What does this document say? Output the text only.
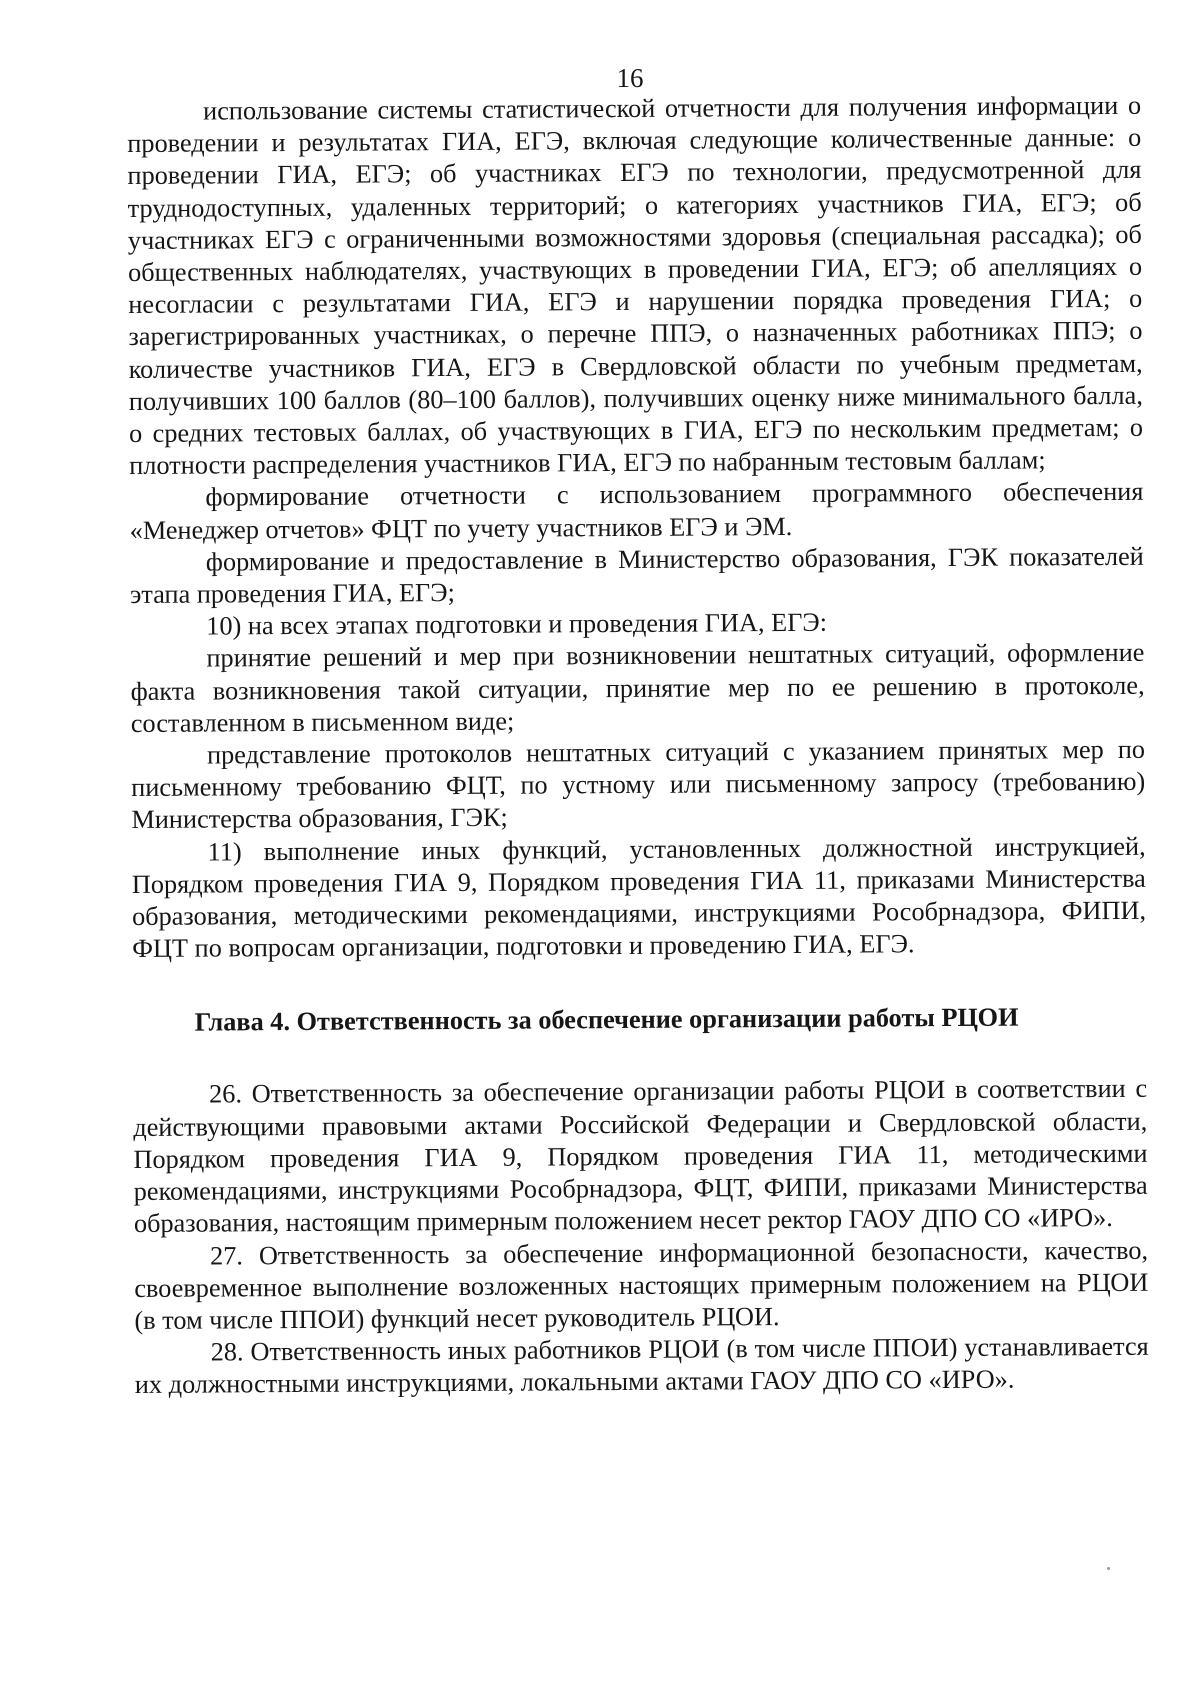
16

использование системы статистической отчетности для получения информации о проведении и результатах ГИА, ЕГЭ, включая следующие количественные данные: о проведении ГИА, ЕГЭ; об участниках ЕГЭ по технологии, предусмотренной для труднодоступных, удаленных территорий; о категориях участников ГИА, ЕГЭ; об участниках ЕГЭ с ограниченными возможностями здоровья (специальная рассадка); об общественных наблюдателях, участвующих в проведении ГИА, ЕГЭ; об апелляциях о несогласии с результатами ГИА, ЕГЭ и нарушении порядка проведения ГИА; о зарегистрированных участниках, о перечне ППЭ, о назначенных работниках ППЭ; о количестве участников ГИА, ЕГЭ в Свердловской области по учебным предметам, получивших 100 баллов (80–100 баллов), получивших оценку ниже минимального балла, о средних тестовых баллах, об участвующих в ГИА, ЕГЭ по нескольким предметам; о плотности распределения участников ГИА, ЕГЭ по набранным тестовым баллам;

формирование отчетности с использованием программного обеспечения «Менеджер отчетов» ФЦТ по учету участников ЕГЭ и ЭМ.

формирование и предоставление в Министерство образования, ГЭК показателей этапа проведения ГИА, ЕГЭ;

10) на всех этапах подготовки и проведения ГИА, ЕГЭ:

принятие решений и мер при возникновении нештатных ситуаций, оформление факта возникновения такой ситуации, принятие мер по ее решению в протоколе, составленном в письменном виде;

представление протоколов нештатных ситуаций с указанием принятых мер по письменному требованию ФЦТ, по устному или письменному запросу (требованию) Министерства образования, ГЭК;

11) выполнение иных функций, установленных должностной инструкцией, Порядком проведения ГИА 9, Порядком проведения ГИА 11, приказами Министерства образования, методическими рекомендациями, инструкциями Рособрнадзора, ФИПИ, ФЦТ по вопросам организации, подготовки и проведению ГИА, ЕГЭ.

Глава 4. Ответственность за обеспечение организации работы РЦОИ

26. Ответственность за обеспечение организации работы РЦОИ в соответствии с действующими правовыми актами Российской Федерации и Свердловской области, Порядком проведения ГИА 9, Порядком проведения ГИА 11, методическими рекомендациями, инструкциями Рособрнадзора, ФЦТ, ФИПИ, приказами Министерства образования, настоящим примерным положением несет ректор ГАОУ ДПО СО «ИРО».

27. Ответственность за обеспечение информационной безопасности, качество, своевременное выполнение возложенных настоящих примерным положением на РЦОИ (в том числе ППОИ) функций несет руководитель РЦОИ.

28. Ответственность иных работников РЦОИ (в том числе ППОИ) устанавливается их должностными инструкциями, локальными актами ГАОУ ДПО СО «ИРО».
